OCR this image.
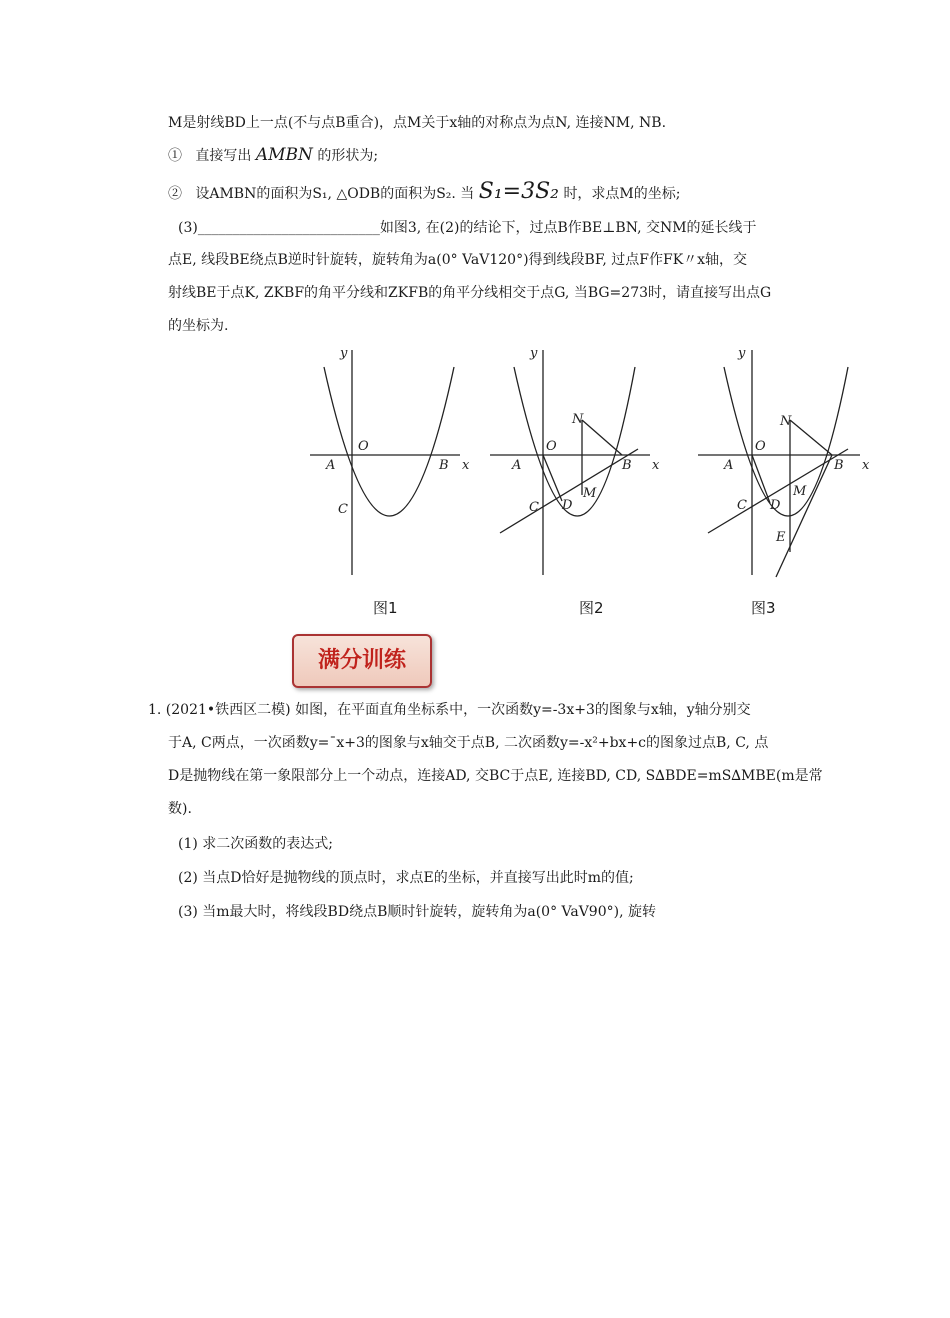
M是射线BD上一点(不与点B重合)，点M关于x轴的对称点为点N, 连接NM, NB.
① 直接写出 AMBN 的形状为;
② 设AMBN的面积为S₁, △ODB的面积为S₂. 当 S₁=3S₂ 时，求点M的坐标;
(3)__________________________如图3, 在(2)的结论下，过点B作BE⊥BN, 交NM的延长线于
点E, 线段BE绕点B逆时针旋转，旋转角为a(0° VaV120°)得到线段BF, 过点F作FK〃x轴，交
射线BE于点K, ZKBF的角平分线和ZKFB的角平分线相交于点G, 当BG=273时，请直接写出点G
的坐标为.
y
x
O
A	B
C
y
x
O
A	B
C D
M
N
y
x
O
A	B
C D
M
N
E
图1	图2	图3
满分训练
1. (2021•铁西区二模) 如图，在平面直角坐标系中，一次函数y=-3x+3的图象与x轴，y轴分别交
于A, C两点，一次函数y=ˉx+3的图象与x轴交于点B, 二次函数y=-x²+bx+c的图象过点B, C, 点
D是抛物线在第一象限部分上一个动点，连接AD, 交BC于点E, 连接BD, CD, S∆BDE=mS∆MBE(m是常
数).
(1) 求二次函数的表达式;
(2) 当点D恰好是抛物线的顶点时，求点E的坐标，并直接写出此时m的值;
(3) 当m最大时，将线段BD绕点B顺时针旋转，旋转角为a(0° VaV90°), 旋转
